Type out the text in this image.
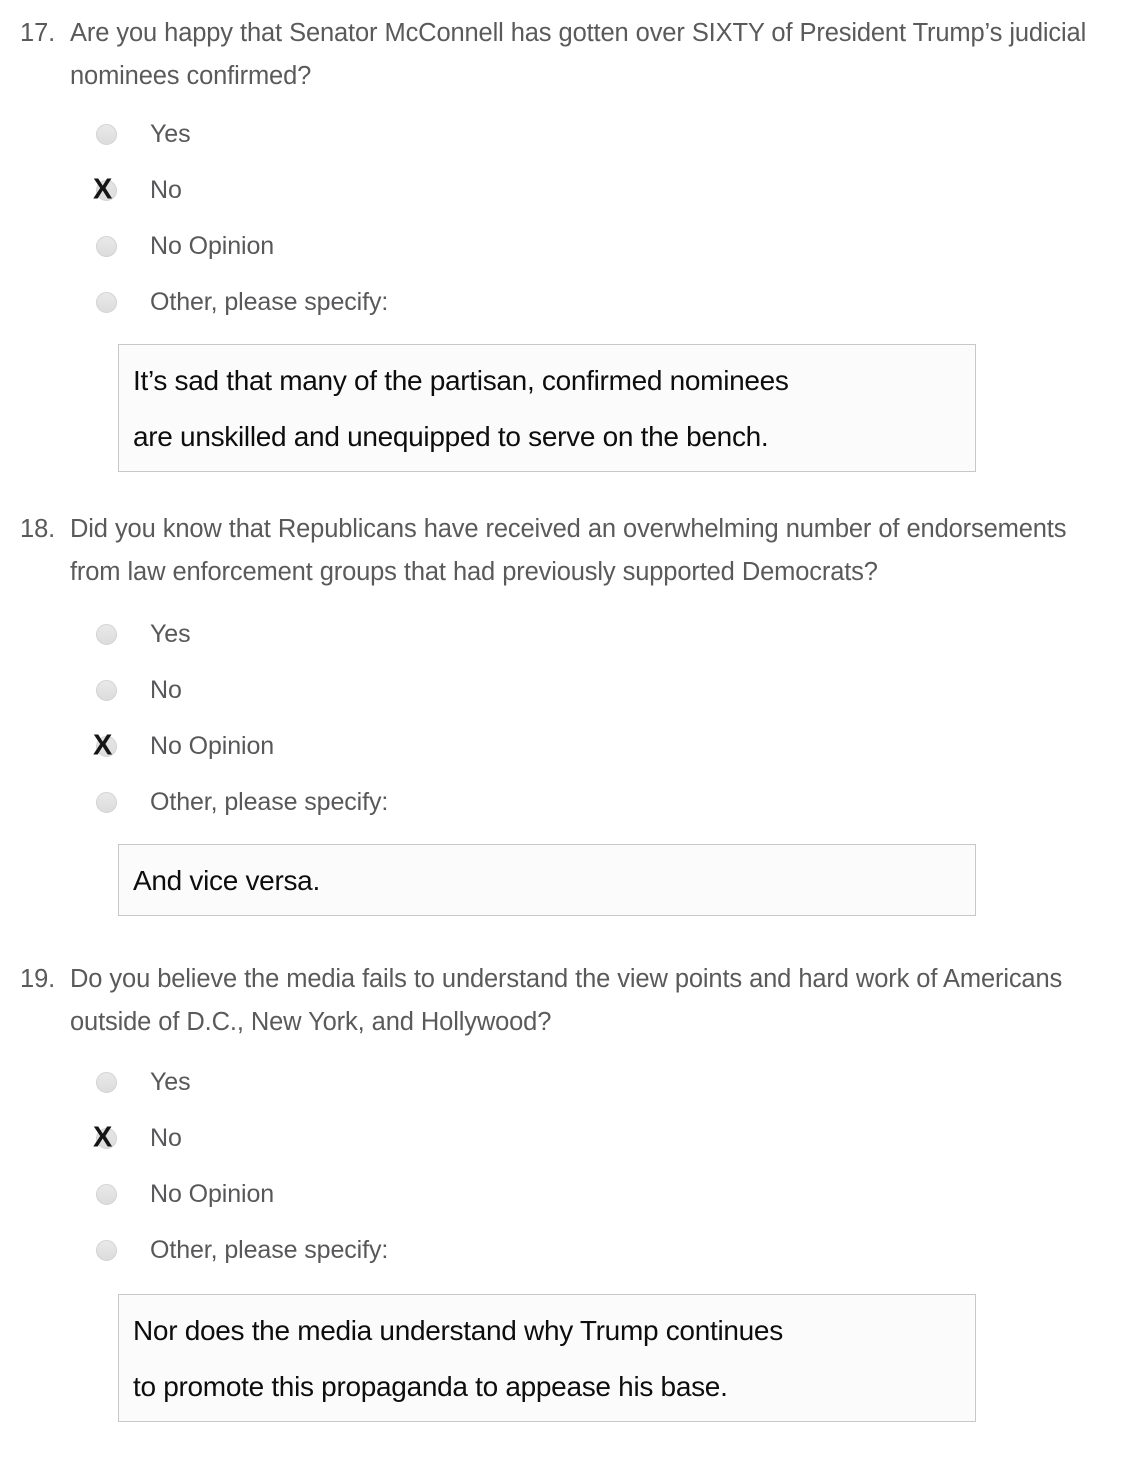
17. Are you happy that Senator McConnell has gotten over SIXTY of President Trump’s judicial nominees confirmed?
Yes
X No
No Opinion
Other, please specify:
It’s sad that many of the partisan, confirmed nominees
are unskilled and unequipped to serve on the bench.
18. Did you know that Republicans have received an overwhelming number of endorsements from law enforcement groups that had previously supported Democrats?
Yes
No
X No Opinion
Other, please specify:
And vice versa.
19. Do you believe the media fails to understand the view points and hard work of Americans outside of D.C., New York, and Hollywood?
Yes
X No
No Opinion
Other, please specify:
Nor does the media understand why Trump continues
to promote this propaganda to appease his base.
